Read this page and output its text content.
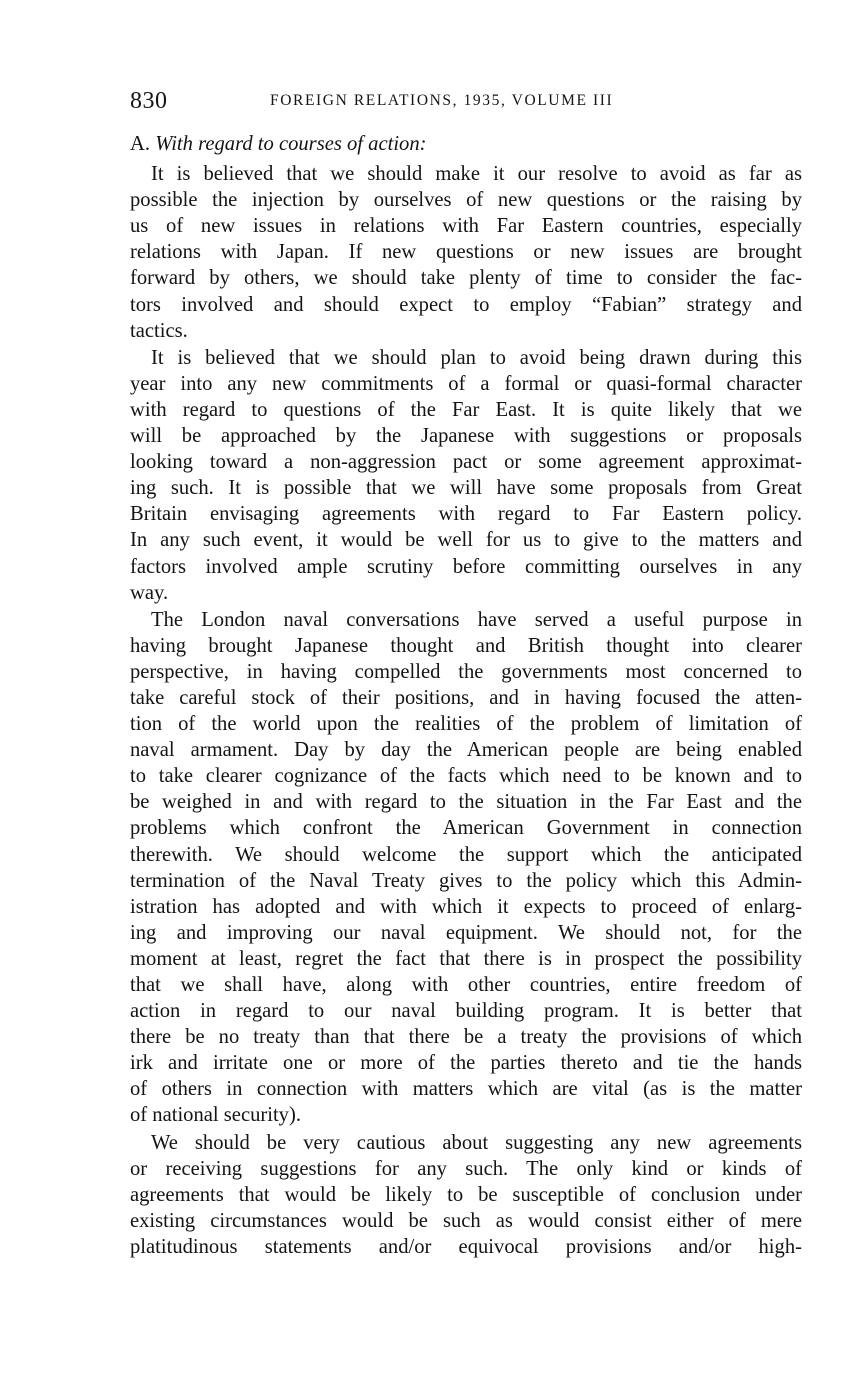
830	FOREIGN RELATIONS, 1935, VOLUME III
A. With regard to courses of action:
It is believed that we should make it our resolve to avoid as far as
possible the injection by ourselves of new questions or the raising by
us of new issues in relations with Far Eastern countries, especially
relations with Japan. If new questions or new issues are brought
forward by others, we should take plenty of time to consider the fac-
tors involved and should expect to employ “Fabian” strategy and
tactics.
It is believed that we should plan to avoid being drawn during this
year into any new commitments of a formal or quasi-formal character
with regard to questions of the Far East. It is quite likely that we
will be approached by the Japanese with suggestions or proposals
looking toward a non-aggression pact or some agreement approximat-
ing such. It is possible that we will have some proposals from Great
Britain envisaging agreements with regard to Far Eastern policy.
In any such event, it would be well for us to give to the matters and
factors involved ample scrutiny before committing ourselves in any
way.
The London naval conversations have served a useful purpose in
having brought Japanese thought and British thought into clearer
perspective, in having compelled the governments most concerned to
take careful stock of their positions, and in having focused the atten-
tion of the world upon the realities of the problem of limitation of
naval armament. Day by day the American people are being enabled
to take clearer cognizance of the facts which need to be known and to
be weighed in and with regard to the situation in the Far East and the
problems which confront the American Government in connection
therewith. We should welcome the support which the anticipated
termination of the Naval Treaty gives to the policy which this Admin-
istration has adopted and with which it expects to proceed of enlarg-
ing and improving our naval equipment. We should not, for the
moment at least, regret the fact that there is in prospect the possibility
that we shall have, along with other countries, entire freedom of
action in regard to our naval building program. It is better that
there be no treaty than that there be a treaty the provisions of which
irk and irritate one or more of the parties thereto and tie the hands
of others in connection with matters which are vital (as is the matter
of national security).
We should be very cautious about suggesting any new agreements
or receiving suggestions for any such. The only kind or kinds of
agreements that would be likely to be susceptible of conclusion under
existing circumstances would be such as would consist either of mere
platitudinous statements and/or equivocal provisions and/or high-
